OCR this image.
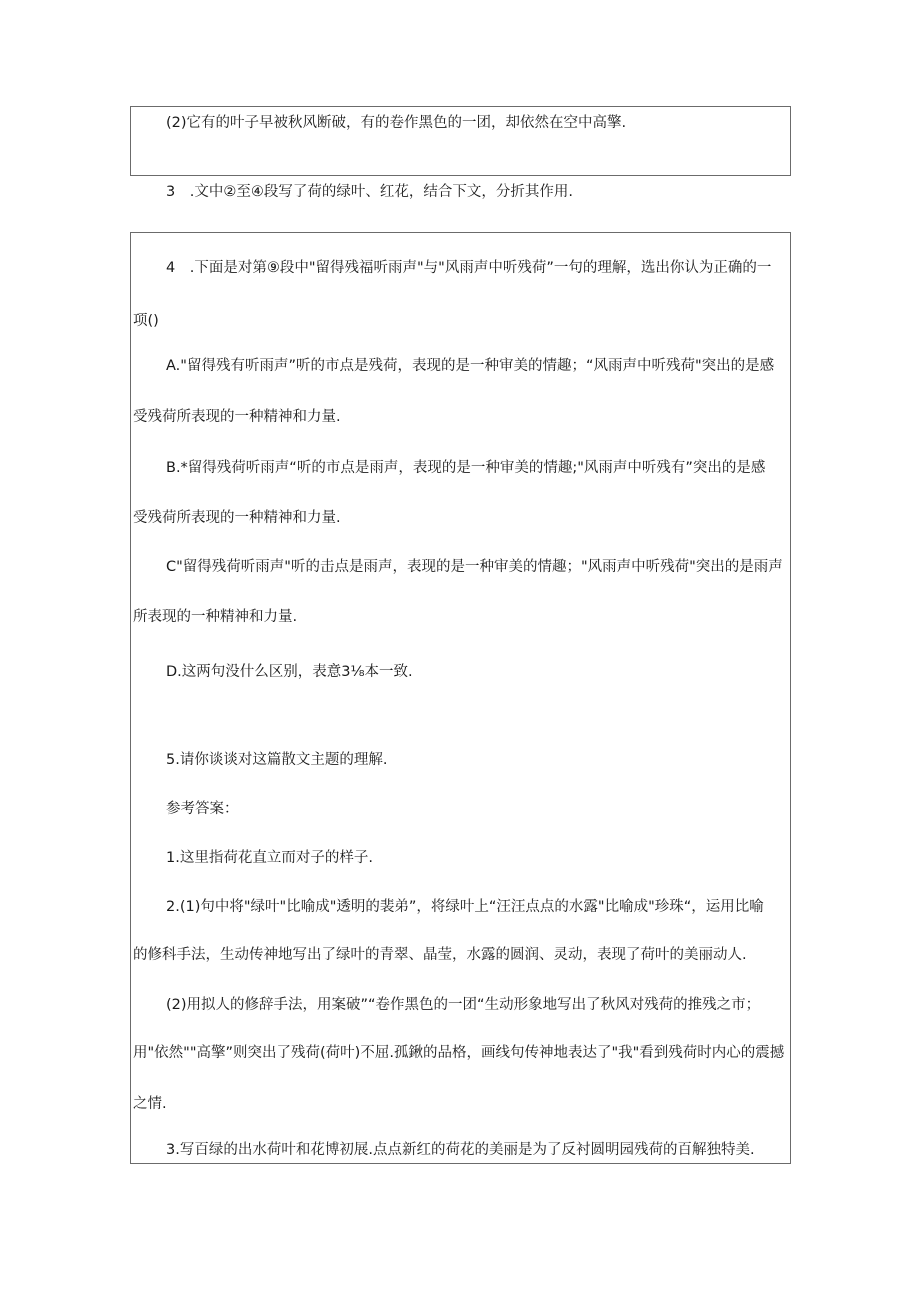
(2)它有的叶子早被秋风断破，有的卷作黑色的一团，却依然在空中高擎.
3　.文中②至④段写了荷的绿叶、红花，结合下文，分折其作用.
4　.下面是对第⑨段中"留得残福听雨声"与"风雨声中听残荷”一句的理解，选出你认为正确的一
项()
A."留得残有听雨声”听的市点是残荷，表现的是一种审美的情趣；“风雨声中听残荷"突出的是感
受残荷所表现的一种精神和力量.
B.*留得残荷听雨声“听的市点是雨声，表现的是一种审美的情趣;"风雨声中听残有”突出的是感
受残荷所表现的一种精神和力量.
C"留得残荷听雨声"听的击点是雨声，表现的是一种审美的情趣；"风雨声中听残荷"突出的是雨声
所表现的一种精神和力量.
D.这两句没什么区别，表意3⅛本一致.
5.请你谈谈对这篇散文主题的理解.
参考答案：
1.这里指荷花直立而对子的样子.
2.(1)句中将"绿叶"比喻成"透明的裴弟”，将绿叶上“汪汪点点的水露"比喻成"珍珠“，运用比喻
的修科手法，生动传神地写出了绿叶的青翠、晶莹，水露的圆润、灵动，表现了荷叶的美丽动人.
(2)用拟人的修辞手法，用案破”“卷作黑色的一团“生动形象地写出了秋风对残荷的推残之市；
用"依然""高擎”则突出了残荷(荷叶)不屈.孤鍬的品格，画线句传神地表达了"我"看到残荷时内心的震撼
之情.
3.写百绿的出水荷叶和花博初展.点点新红的荷花的美丽是为了反衬圆明园残荷的百解独特美.
